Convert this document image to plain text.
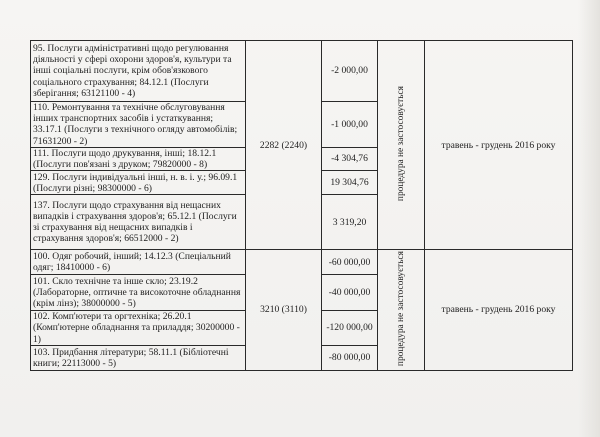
95. Послуги адміністративні щодо регулювання діяльності у сфері охорони здоров'я, культури та інші соціальні послуги, крім обов'язкового соціального страхування; 84.12.1 (Послуги зберігання; 63121100 - 4)	2282 (2240)	-2 000,00	процедура не застосовується	травень - грудень 2016 року
110. Ремонтування та технічне обслуговування інших транспортних засобів і устаткування; 33.17.1 (Послуги з технічного огляду автомобілів; 71631200 - 2)		-1 000,00		
111. Послуги щодо друкування, інші; 18.12.1 (Послуги пов'язані з друком; 79820000 - 8)		-4 304,76		
129. Послуги індивідуальні інші, н. в. і. у.; 96.09.1 (Послуги різні; 98300000 - 6)		19 304,76		
137. Послуги щодо страхування від нещасних випадків і страхування здоров'я; 65.12.1 (Послуги зі страхування від нещасних випадків і страхування здоров'я; 66512000 - 2)		3 319,20		
100. Одяг робочий, інший; 14.12.3 (Спеціальний одяг; 18410000 - 6)	3210 (3110)	-60 000,00	процедура не застосовується	травень - грудень 2016 року
101. Скло технічне та інше скло; 23.19.2 (Лабораторне, оптичне та високоточне обладнання (крім лінз); 38000000 - 5)		-40 000,00		
102. Комп'ютери та оргтехніка; 26.20.1 (Комп'ютерне обладнання та приладдя; 30200000 - 1)		-120 000,00		
103. Придбання літератури; 58.11.1 (Бібліотечні книги; 22113000 - 5)		-80 000,00		
